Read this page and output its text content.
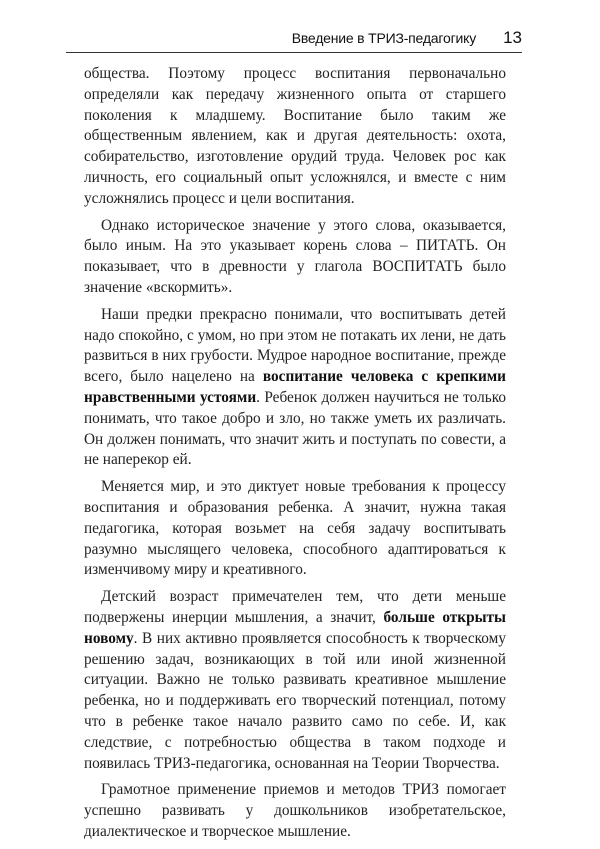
Введение в ТРИЗ-педагогику 13

общества. Поэтому процесс воспитания первоначально определяли как передачу жизненного опыта от старшего поколения к младшему. Воспитание было таким же общественным явлением, как и другая деятельность: охота, собирательство, изготовление орудий труда. Человек рос как личность, его социальный опыт усложнялся, и вместе с ним усложнялись процесс и цели воспитания.

Однако историческое значение у этого слова, оказывается, было иным. На это указывает корень слова – ПИТАТЬ. Он показывает, что в древности у глагола ВОСПИТАТЬ было значение «вскормить».

Наши предки прекрасно понимали, что воспитывать детей надо спокойно, с умом, но при этом не потакать их лени, не дать развиться в них грубости. Мудрое народное воспитание, прежде всего, было нацелено на воспитание человека с крепкими нравственными устоями. Ребенок должен научиться не только понимать, что такое добро и зло, но также уметь их различать. Он должен понимать, что значит жить и поступать по совести, а не наперекор ей.

Меняется мир, и это диктует новые требования к процессу воспитания и образования ребенка. А значит, нужна такая педагогика, которая возьмет на себя задачу воспитывать разумно мыслящего человека, способного адаптироваться к изменчивому миру и креативного.

Детский возраст примечателен тем, что дети меньше подвержены инерции мышления, а значит, больше открыты новому. В них активно проявляется способность к творческому решению задач, возникающих в той или иной жизненной ситуации. Важно не только развивать креативное мышление ребенка, но и поддерживать его творческий потенциал, потому что в ребенке такое начало развито само по себе. И, как следствие, с потребностью общества в таком подходе и появилась ТРИЗ-педагогика, основанная на Теории Творчества.

Грамотное применение приемов и методов ТРИЗ помогает успешно развивать у дошкольников изобретательское, диалектическое и творческое мышление.
